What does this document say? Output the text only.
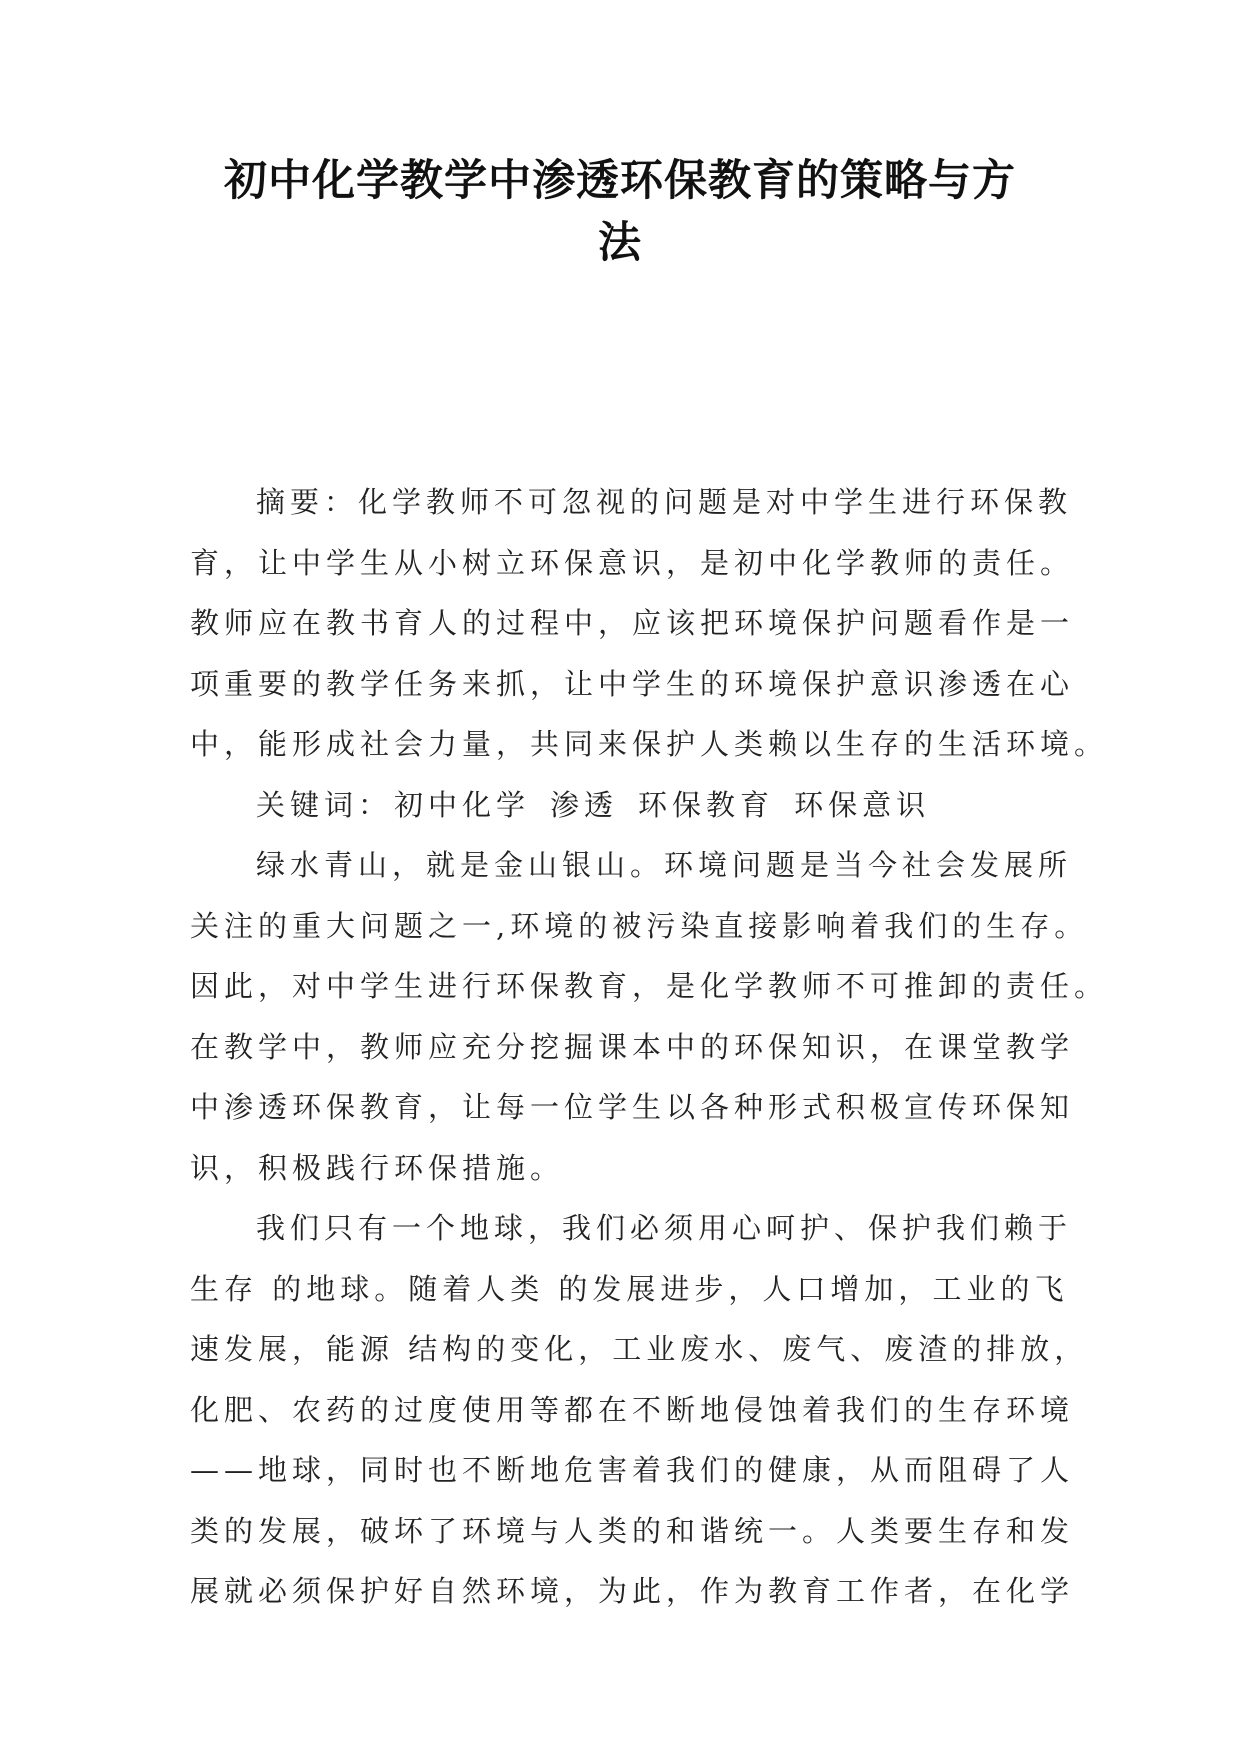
初中化学教学中渗透环保教育的策略与方
法
摘要：化学教师不可忽视的问题是对中学生进行环保教
育，让中学生从小树立环保意识，是初中化学教师的责任。
教师应在教书育人的过程中，应该把环境保护问题看作是一
项重要的教学任务来抓，让中学生的环境保护意识渗透在心
中，能形成社会力量，共同来保护人类赖以生存的生活环境。
关键词：初中化学 渗透 环保教育 环保意识
绿水青山，就是金山银山。环境问题是当今社会发展所
关注的重大问题之一,环境的被污染直接影响着我们的生存。
因此，对中学生进行环保教育，是化学教师不可推卸的责任。
在教学中，教师应充分挖掘课本中的环保知识，在课堂教学
中渗透环保教育，让每一位学生以各种形式积极宣传环保知
识，积极践行环保措施。
我们只有一个地球，我们必须用心呵护、保护我们赖于
生存 的地球。随着人类 的发展进步，人口增加，工业的飞
速发展，能源 结构的变化，工业废水、废气、废渣的排放，
化肥、农药的过度使用等都在不断地侵蚀着我们的生存环境
——地球，同时也不断地危害着我们的健康，从而阻碍了人
类的发展，破坏了环境与人类的和谐统一。人类要生存和发
展就必须保护好自然环境，为此，作为教育工作者，在化学
